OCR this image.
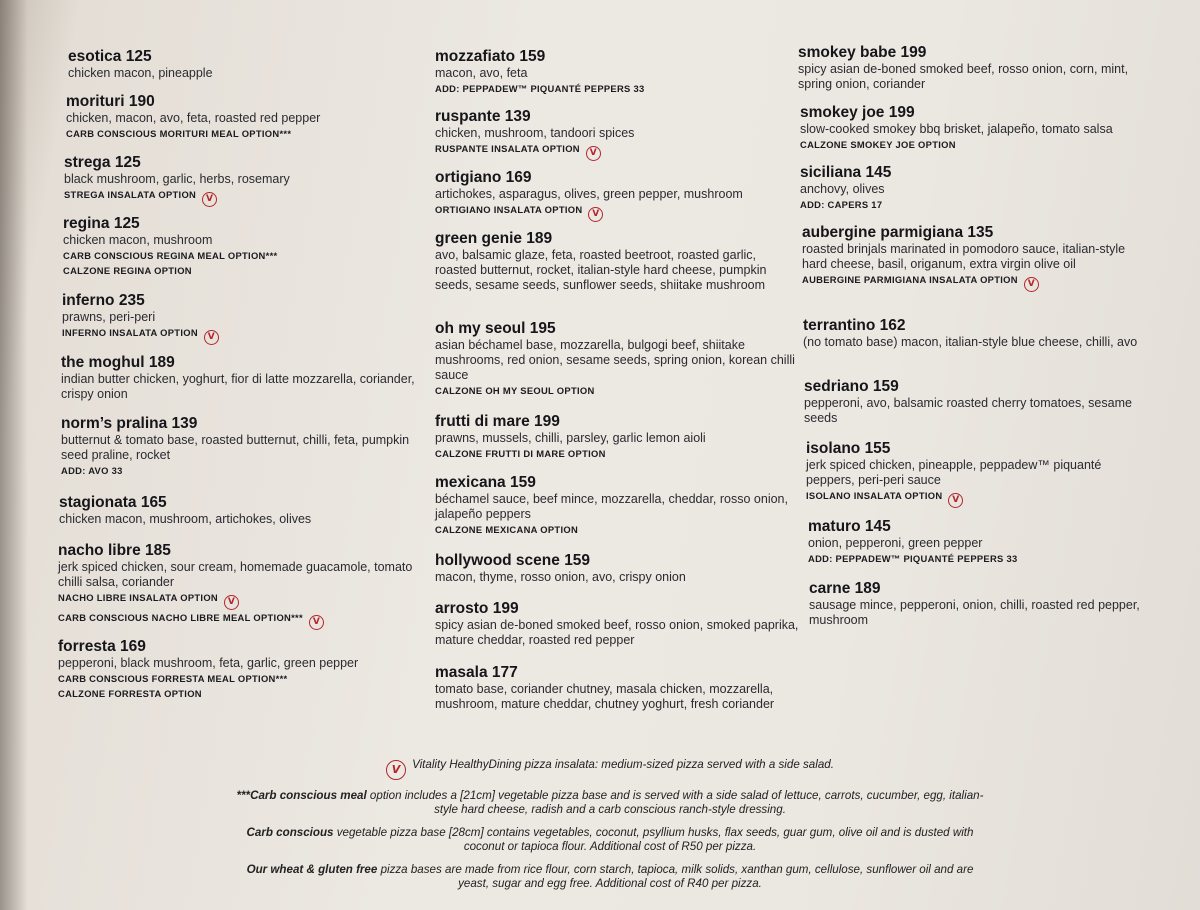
esotica 125
chicken macon, pineapple
morituri 190
chicken, macon, avo, feta, roasted red pepper
CARB CONSCIOUS MORITURI MEAL OPTION***
strega 125
black mushroom, garlic, herbs, rosemary
STREGA INSALATA OPTION V
regina 125
chicken macon, mushroom
CARB CONSCIOUS REGINA MEAL OPTION***
CALZONE REGINA OPTION
inferno 235
prawns, peri-peri
INFERNO INSALATA OPTION V
the moghul 189
indian butter chicken, yoghurt, fior di latte mozzarella, coriander, crispy onion
norm’s pralina 139
butternut & tomato base, roasted butternut, chilli, feta, pumpkin seed praline, rocket
ADD: AVO 33
stagionata 165
chicken macon, mushroom, artichokes, olives
nacho libre 185
jerk spiced chicken, sour cream, homemade guacamole, tomato chilli salsa, coriander
NACHO LIBRE INSALATA OPTION V
CARB CONSCIOUS NACHO LIBRE MEAL OPTION*** V
forresta 169
pepperoni, black mushroom, feta, garlic, green pepper
CARB CONSCIOUS FORRESTA MEAL OPTION***
CALZONE FORRESTA OPTION
mozzafiato 159
macon, avo, feta
ADD: PEPPADEW™ PIQUANTÉ PEPPERS 33
ruspante 139
chicken, mushroom, tandoori spices
RUSPANTE INSALATA OPTION V
ortigiano 169
artichokes, asparagus, olives, green pepper, mushroom
ORTIGIANO INSALATA OPTION V
green genie 189
avo, balsamic glaze, feta, roasted beetroot, roasted garlic, roasted butternut, rocket, italian-style hard cheese, pumpkin seeds, sesame seeds, sunflower seeds, shiitake mushroom
oh my seoul 195
asian béchamel base, mozzarella, bulgogi beef, shiitake mushrooms, red onion, sesame seeds, spring onion, korean chilli sauce
CALZONE OH MY SEOUL OPTION
frutti di mare 199
prawns, mussels, chilli, parsley, garlic lemon aioli
CALZONE FRUTTI DI MARE OPTION
mexicana 159
béchamel sauce, beef mince, mozzarella, cheddar, rosso onion, jalapeño peppers
CALZONE MEXICANA OPTION
hollywood scene 159
macon, thyme, rosso onion, avo, crispy onion
arrosto 199
spicy asian de-boned smoked beef, rosso onion, smoked paprika, mature cheddar, roasted red pepper
masala 177
tomato base, coriander chutney, masala chicken, mozzarella, mushroom, mature cheddar, chutney yoghurt, fresh coriander
smokey babe 199
spicy asian de-boned smoked beef, rosso onion, corn, mint, spring onion, coriander
smokey joe 199
slow-cooked smokey bbq brisket, jalapeño, tomato salsa
CALZONE SMOKEY JOE OPTION
siciliana 145
anchovy, olives
ADD: CAPERS 17
aubergine parmigiana 135
roasted brinjals marinated in pomodoro sauce, italian-style hard cheese, basil, origanum, extra virgin olive oil
AUBERGINE PARMIGIANA INSALATA OPTION V
terrantino 162
(no tomato base) macon, italian-style blue cheese, chilli, avo
sedriano 159
pepperoni, avo, balsamic roasted cherry tomatoes, sesame seeds
isolano 155
jerk spiced chicken, pineapple, peppadew™ piquanté peppers, peri-peri sauce
ISOLANO INSALATA OPTION V
maturo 145
onion, pepperoni, green pepper
ADD: PEPPADEW™ PIQUANTÉ PEPPERS 33
carne 189
sausage mince, pepperoni, onion, chilli, roasted red pepper, mushroom

V Vitality HealthyDining pizza insalata: medium-sized pizza served with a side salad.

***Carb conscious meal option includes a [21cm] vegetable pizza base and is served with a side salad of lettuce, carrots, cucumber, egg, italian-style hard cheese, radish and a carb conscious ranch-style dressing.

Carb conscious vegetable pizza base [28cm] contains vegetables, coconut, psyllium husks, flax seeds, guar gum, olive oil and is dusted with coconut or tapioca flour. Additional cost of R50 per pizza.

Our wheat & gluten free pizza bases are made from rice flour, corn starch, tapioca, milk solids, xanthan gum, cellulose, sunflower oil and are yeast, sugar and egg free. Additional cost of R40 per pizza.
